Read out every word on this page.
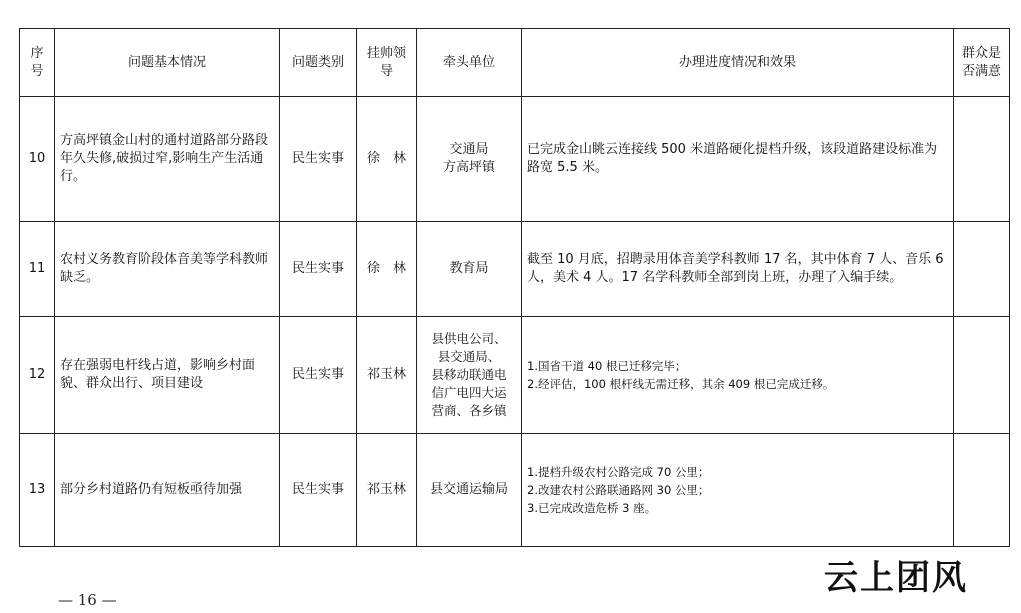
序号	问题基本情况	问题类别	挂帅领导	牵头单位	办理进度情况和效果	群众是否满意
10	方高坪镇金山村的通村道路部分路段年久失修,破损过窄,影响生产生活通行。	民生实事	徐　林	交通局
方高坪镇	已完成金山眺云连接线 500 米道路硬化提档升级，该段道路建设标准为路宽 5.5 米。	

11	农村义务教育阶段体音美等学科教师缺乏。	民生实事	徐　林	教育局	截至 10 月底，招聘录用体音美学科教师 17 名，其中体育 7 人、音乐 6 人，美术 4 人。17 名学科教师全部到岗上班，办理了入编手续。	

12	存在强弱电杆线占道，影响乡村面貌、群众出行、项目建设	民生实事	祁玉林	县供电公司、
县交通局、
县移动联通电
信广电四大运
营商、各乡镇	1.国省干道 40 根已迁移完毕；
2.经评估，100 根杆线无需迁移，其余 409 根已完成迁移。	

13	部分乡村道路仍有短板亟待加强	民生实事	祁玉林	县交通运输局	1.提档升级农村公路完成 70 公里；
2.改建农村公路联通路网 30 公里；
3.已完成改造危桥 3 座。	

云上团风
— 16 —
